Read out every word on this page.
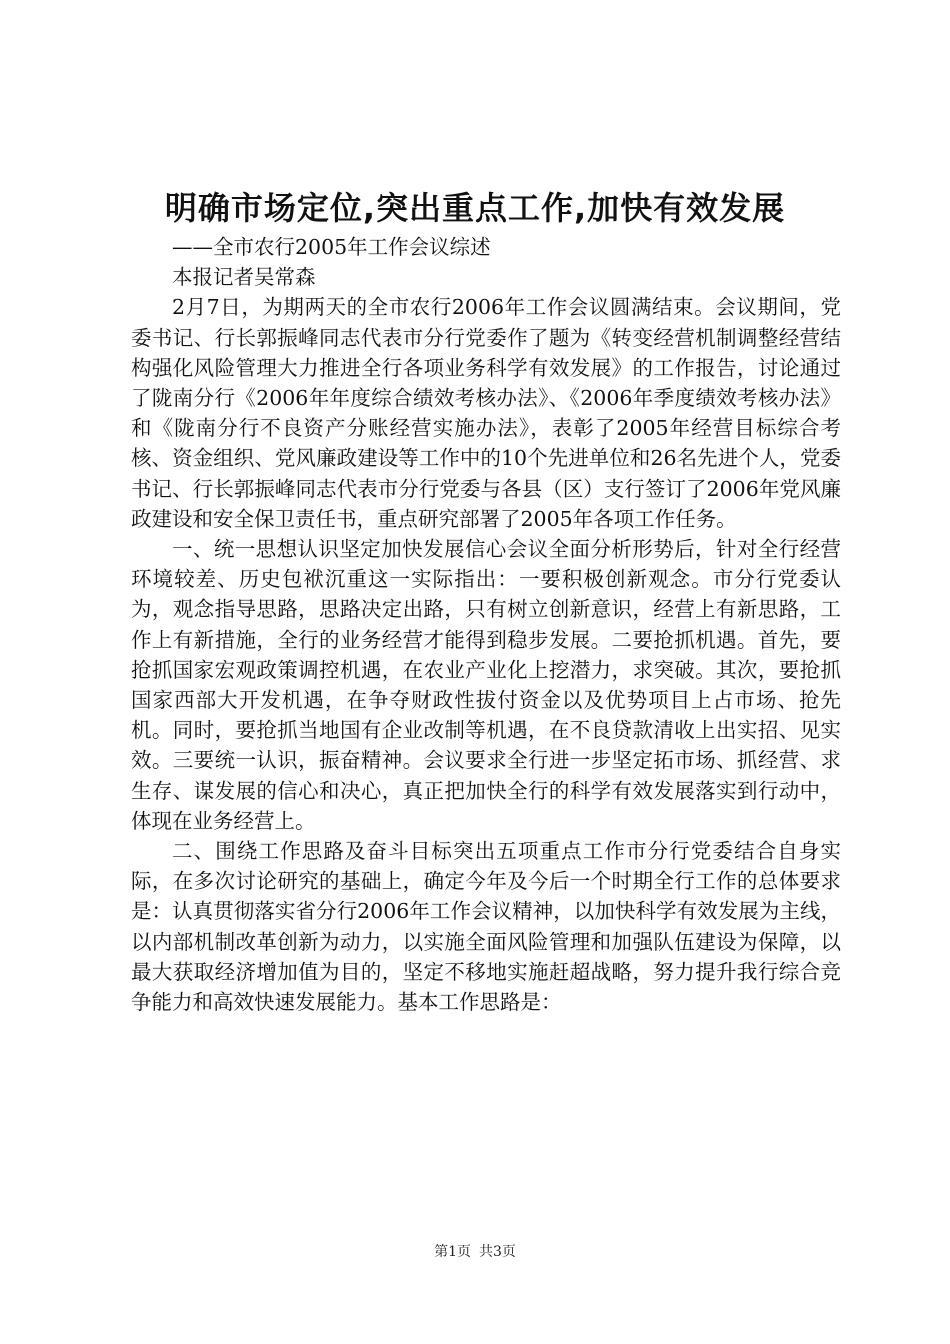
明确市场定位,突出重点工作,加快有效发展

——全市农行2005年工作会议综述

本报记者吴常森

2月7日，为期两天的全市农行2006年工作会议圆满结束。会议期间，党委书记、行长郭振峰同志代表市分行党委作了题为《转变经营机制调整经营结构强化风险管理大力推进全行各项业务科学有效发展》的工作报告，讨论通过了陇南分行《2006年年度综合绩效考核办法》、《2006年季度绩效考核办法》和《陇南分行不良资产分账经营实施办法》，表彰了2005年经营目标综合考核、资金组织、党风廉政建设等工作中的10个先进单位和26名先进个人，党委书记、行长郭振峰同志代表市分行党委与各县（区）支行签订了2006年党风廉政建设和安全保卫责任书，重点研究部署了2005年各项工作任务。

一、统一思想认识坚定加快发展信心会议全面分析形势后，针对全行经营环境较差、历史包袱沉重这一实际指出：一要积极创新观念。市分行党委认为，观念指导思路，思路决定出路，只有树立创新意识，经营上有新思路，工作上有新措施，全行的业务经营才能得到稳步发展。二要抢抓机遇。首先，要抢抓国家宏观政策调控机遇，在农业产业化上挖潜力，求突破。其次，要抢抓国家西部大开发机遇，在争夺财政性拔付资金以及优势项目上占市场、抢先机。同时，要抢抓当地国有企业改制等机遇，在不良贷款清收上出实招、见实效。三要统一认识，振奋精神。会议要求全行进一步坚定拓市场、抓经营、求生存、谋发展的信心和决心，真正把加快全行的科学有效发展落实到行动中，体现在业务经营上。

二、围绕工作思路及奋斗目标突出五项重点工作市分行党委结合自身实际，在多次讨论研究的基础上，确定今年及今后一个时期全行工作的总体要求是：认真贯彻落实省分行2006年工作会议精神，以加快科学有效发展为主线，以内部机制改革创新为动力，以实施全面风险管理和加强队伍建设为保障，以最大获取经济增加值为目的，坚定不移地实施赶超战略，努力提升我行综合竞争能力和高效快速发展能力。基本工作思路是：

第1页 共3页
